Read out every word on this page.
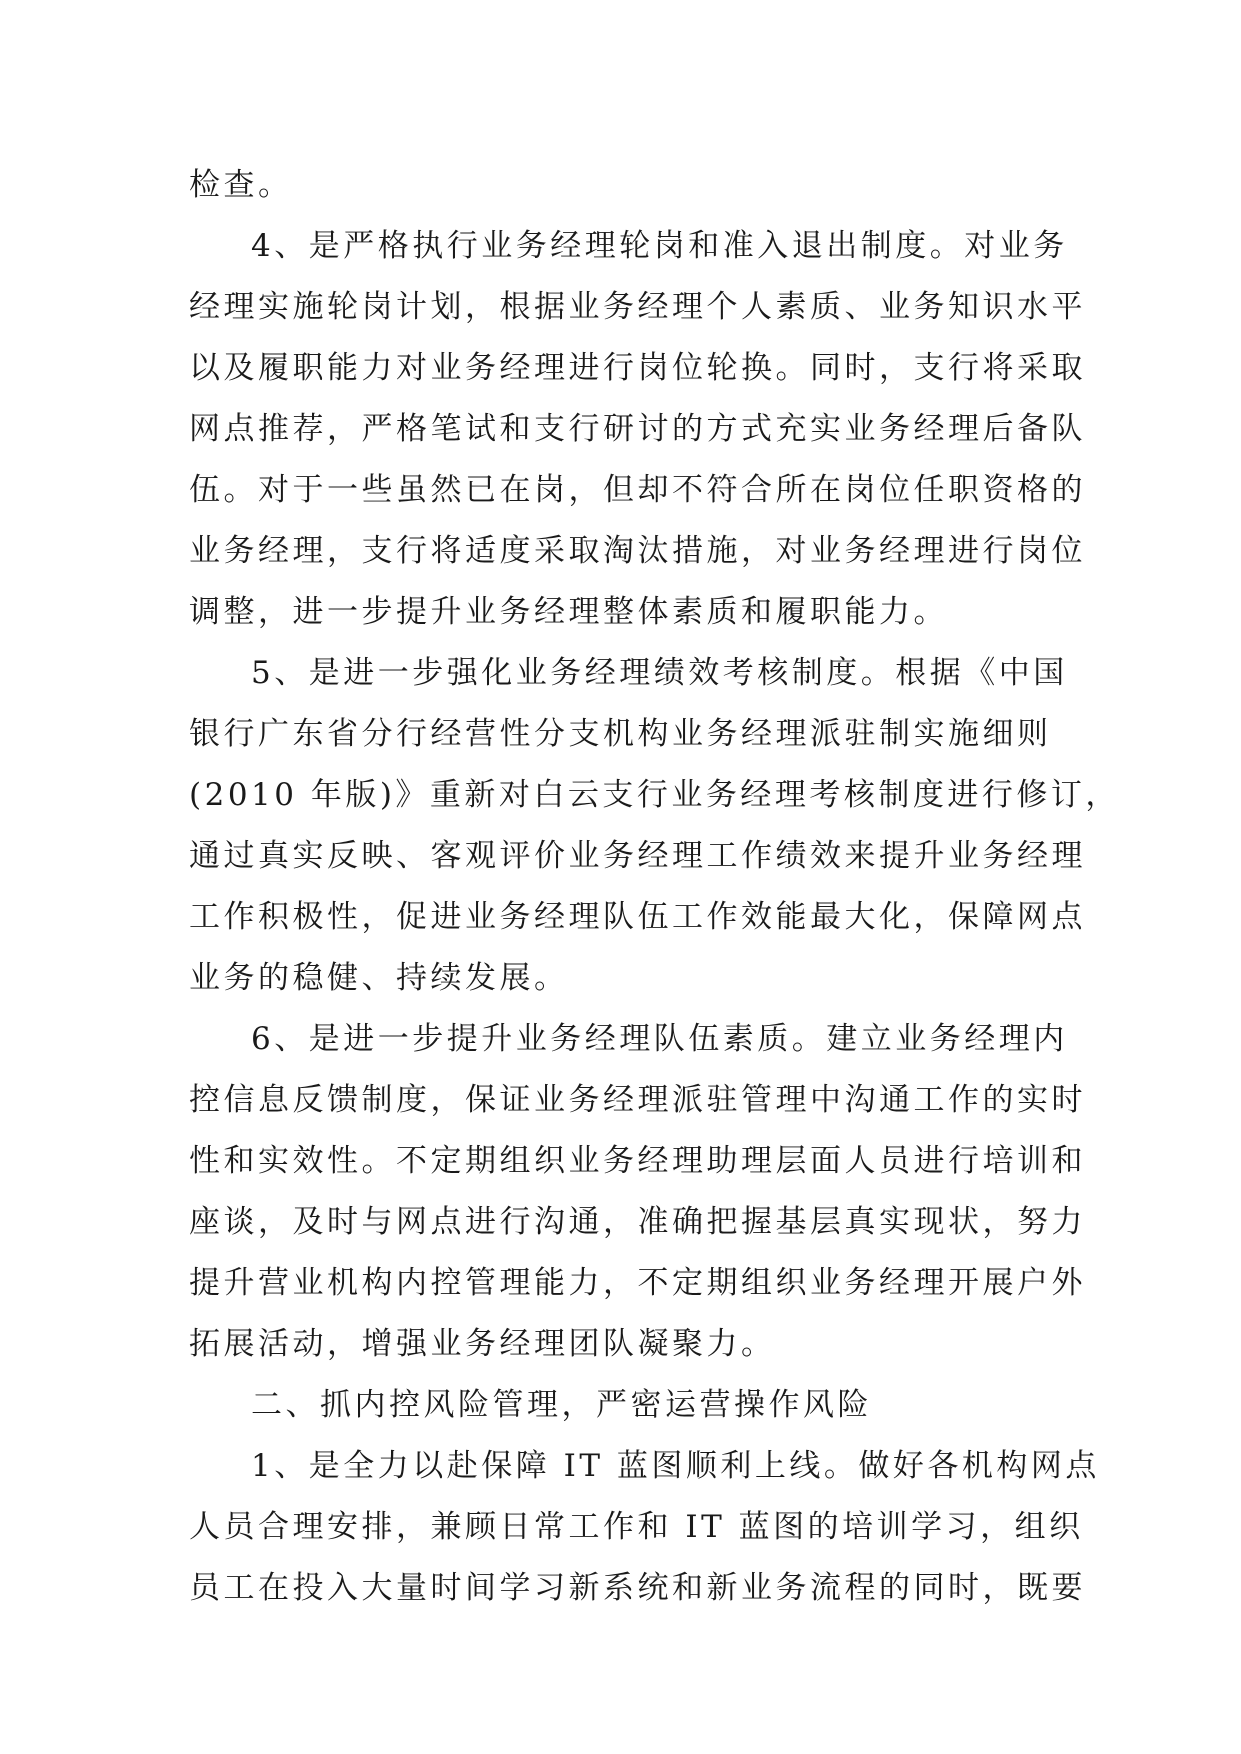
检查。
4、是严格执行业务经理轮岗和准入退出制度。对业务
经理实施轮岗计划，根据业务经理个人素质、业务知识水平
以及履职能力对业务经理进行岗位轮换。同时，支行将采取
网点推荐，严格笔试和支行研讨的方式充实业务经理后备队
伍。对于一些虽然已在岗，但却不符合所在岗位任职资格的
业务经理，支行将适度采取淘汰措施，对业务经理进行岗位
调整，进一步提升业务经理整体素质和履职能力。
5、是进一步强化业务经理绩效考核制度。根据《中国
银行广东省分行经营性分支机构业务经理派驻制实施细则
(2010 年版)》重新对白云支行业务经理考核制度进行修订，
通过真实反映、客观评价业务经理工作绩效来提升业务经理
工作积极性，促进业务经理队伍工作效能最大化，保障网点
业务的稳健、持续发展。
6、是进一步提升业务经理队伍素质。建立业务经理内
控信息反馈制度，保证业务经理派驻管理中沟通工作的实时
性和实效性。不定期组织业务经理助理层面人员进行培训和
座谈，及时与网点进行沟通，准确把握基层真实现状，努力
提升营业机构内控管理能力，不定期组织业务经理开展户外
拓展活动，增强业务经理团队凝聚力。
二、抓内控风险管理，严密运营操作风险
1、是全力以赴保障 IT 蓝图顺利上线。做好各机构网点
人员合理安排，兼顾日常工作和 IT 蓝图的培训学习，组织
员工在投入大量时间学习新系统和新业务流程的同时，既要
